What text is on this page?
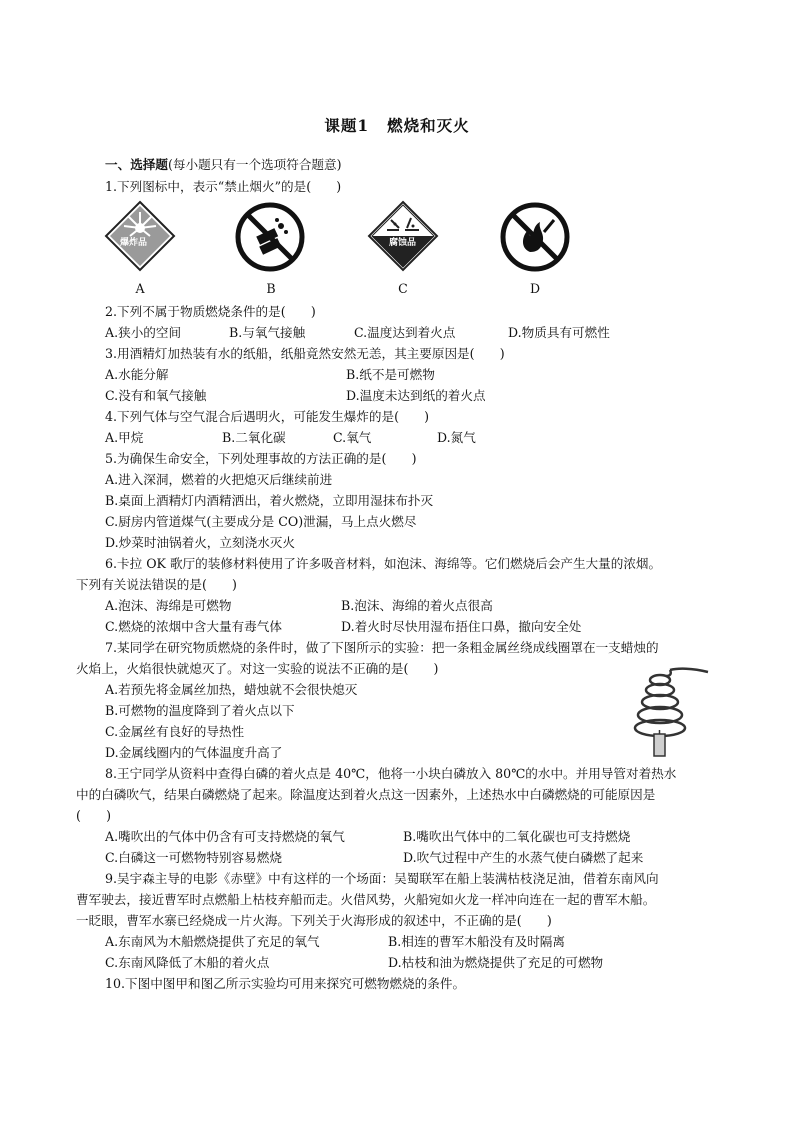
课题1 燃烧和灭火
一、选择题(每小题只有一个选项符合题意)
1.下列图标中，表示“禁止烟火”的是(　　)
爆炸品	腐蚀品
A	B	C	D
2.下列不属于物质燃烧条件的是(　　)
A.狭小的空间	B.与氧气接触	C.温度达到着火点	D.物质具有可燃性
3.用酒精灯加热装有水的纸船，纸船竟然安然无恙，其主要原因是(　　)
A.水能分解	B.纸不是可燃物
C.没有和氧气接触	D.温度未达到纸的着火点
4.下列气体与空气混合后遇明火，可能发生爆炸的是(　　)
A.甲烷	B.二氧化碳	C.氧气	D.氮气
5.为确保生命安全，下列处理事故的方法正确的是(　　)
A.进入深洞，燃着的火把熄灭后继续前进
B.桌面上酒精灯内酒精洒出，着火燃烧，立即用湿抹布扑灭
C.厨房内管道煤气(主要成分是 CO)泄漏，马上点火燃尽
D.炒菜时油锅着火，立刻浇水灭火
6.卡拉 OK 歌厅的装修材料使用了许多吸音材料，如泡沫、海绵等。它们燃烧后会产生大量的浓烟。
下列有关说法错误的是(　　)
A.泡沫、海绵是可燃物	B.泡沫、海绵的着火点很高
C.燃烧的浓烟中含大量有毒气体	D.着火时尽快用湿布捂住口鼻，撤向安全处
7.某同学在研究物质燃烧的条件时，做了下图所示的实验：把一条粗金属丝绕成线圈罩在一支蜡烛的
火焰上，火焰很快就熄灭了。对这一实验的说法不正确的是(　　)
A.若预先将金属丝加热，蜡烛就不会很快熄灭
B.可燃物的温度降到了着火点以下
C.金属丝有良好的导热性
D.金属线圈内的气体温度升高了
8.王宁同学从资料中查得白磷的着火点是 40℃，他将一小块白磷放入 80℃的水中。并用导管对着热水
中的白磷吹气，结果白磷燃烧了起来。除温度达到着火点这一因素外，上述热水中白磷燃烧的可能原因是
(　　)
A.嘴吹出的气体中仍含有可支持燃烧的氧气	B.嘴吹出气体中的二氧化碳也可支持燃烧
C.白磷这一可燃物特别容易燃烧	D.吹气过程中产生的水蒸气使白磷燃了起来
9.吴宇森主导的电影《赤壁》中有这样的一个场面：吴蜀联军在船上装满枯枝浇足油，借着东南风向
曹军驶去，接近曹军时点燃船上枯枝弃船而走。火借风势，火船宛如火龙一样冲向连在一起的曹军木船。
一眨眼，曹军水寨已经烧成一片火海。下列关于火海形成的叙述中，不正确的是(　　)
A.东南风为木船燃烧提供了充足的氧气	B.相连的曹军木船没有及时隔离
C.东南风降低了木船的着火点	D.枯枝和油为燃烧提供了充足的可燃物
10.下图中图甲和图乙所示实验均可用来探究可燃物燃烧的条件。
